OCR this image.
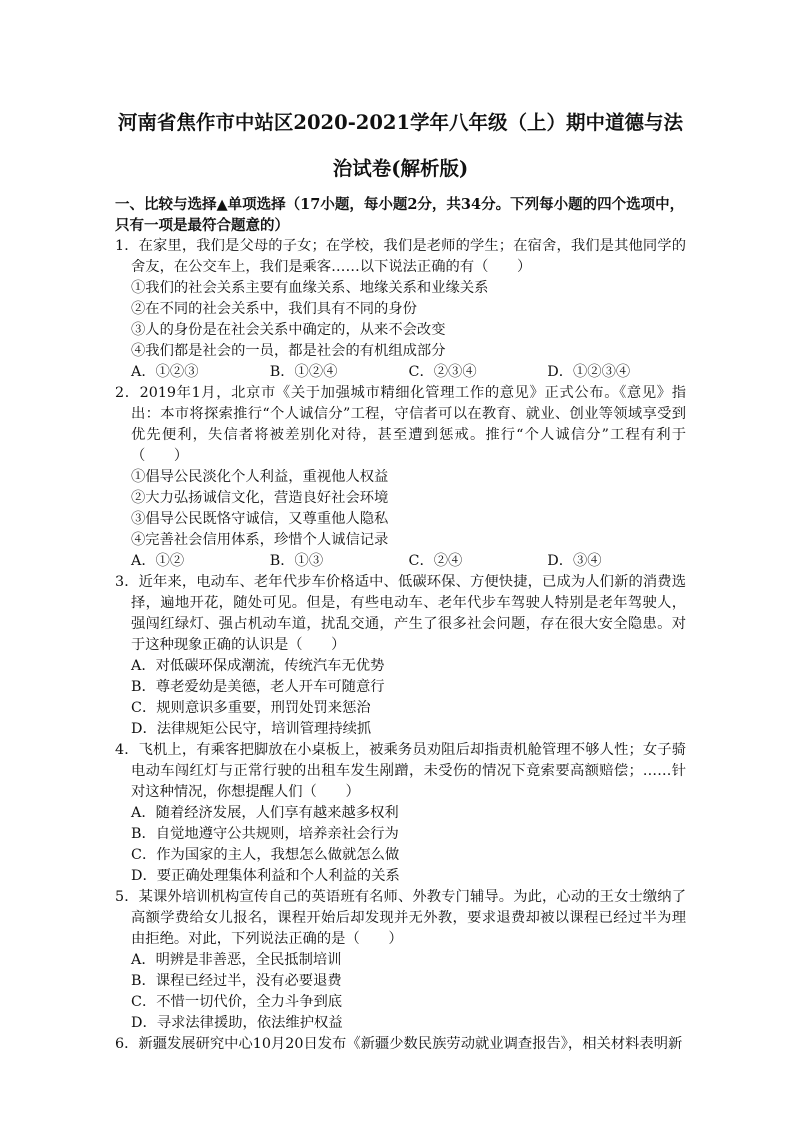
河南省焦作市中站区2020-2021学年八年级（上）期中道德与法
治试卷(解析版)
一、比较与选择▲单项选择（17小题，每小题2分，共34分。下列每小题的四个选项中，只有一项是最符合题意的）
1．在家里，我们是父母的子女；在学校，我们是老师的学生；在宿舍，我们是其他同学的舍友，在公交车上，我们是乘客……以下说法正确的有（　　）
①我们的社会关系主要有血缘关系、地缘关系和业缘关系
②在不同的社会关系中，我们具有不同的身份
③人的身份是在社会关系中确定的，从来不会改变
④我们都是社会的一员，都是社会的有机组成部分
A．①②③	B．①②④	C．②③④	D．①②③④
2．2019年1月，北京市《关于加强城市精细化管理工作的意见》正式公布。《意见》指出：本市将探索推行“个人诚信分”工程，守信者可以在教育、就业、创业等领域享受到优先便利，失信者将被差别化对待，甚至遭到惩戒。推行“个人诚信分”工程有利于（　　）
①倡导公民淡化个人利益，重视他人权益
②大力弘扬诚信文化，营造良好社会环境
③倡导公民既恪守诚信，又尊重他人隐私
④完善社会信用体系，珍惜个人诚信记录
A．①②	B．①③	C．②④	D．③④
3．近年来，电动车、老年代步车价格适中、低碳环保、方便快捷，已成为人们新的消费选择，遍地开花，随处可见。但是，有些电动车、老年代步车驾驶人特别是老年驾驶人，强闯红绿灯、强占机动车道，扰乱交通，产生了很多社会问题，存在很大安全隐患。对于这种现象正确的认识是（　　）
A．对低碳环保成潮流，传统汽车无优势
B．尊老爱幼是美德，老人开车可随意行
C．规则意识多重要，刑罚处罚来惩治
D．法律规矩公民守，培训管理持续抓
4．飞机上，有乘客把脚放在小桌板上，被乘务员劝阻后却指责机舱管理不够人性；女子骑电动车闯红灯与正常行驶的出租车发生剐蹭，未受伤的情况下竟索要高额赔偿；……针对这种情况，你想提醒人们（　　）
A．随着经济发展，人们享有越来越多权利
B．自觉地遵守公共规则，培养亲社会行为
C．作为国家的主人，我想怎么做就怎么做
D．要正确处理集体利益和个人利益的关系
5．某课外培训机构宣传自己的英语班有名师、外教专门辅导。为此，心动的王女士缴纳了高额学费给女儿报名，课程开始后却发现并无外教，要求退费却被以课程已经过半为理由拒绝。对此，下列说法正确的是（　　）
A．明辨是非善恶，全民抵制培训
B．课程已经过半，没有必要退费
C．不惜一切代价，全力斗争到底
D．寻求法律援助，依法维护权益
6．新疆发展研究中心10月20日发布《新疆少数民族劳动就业调查报告》，相关材料表明新
